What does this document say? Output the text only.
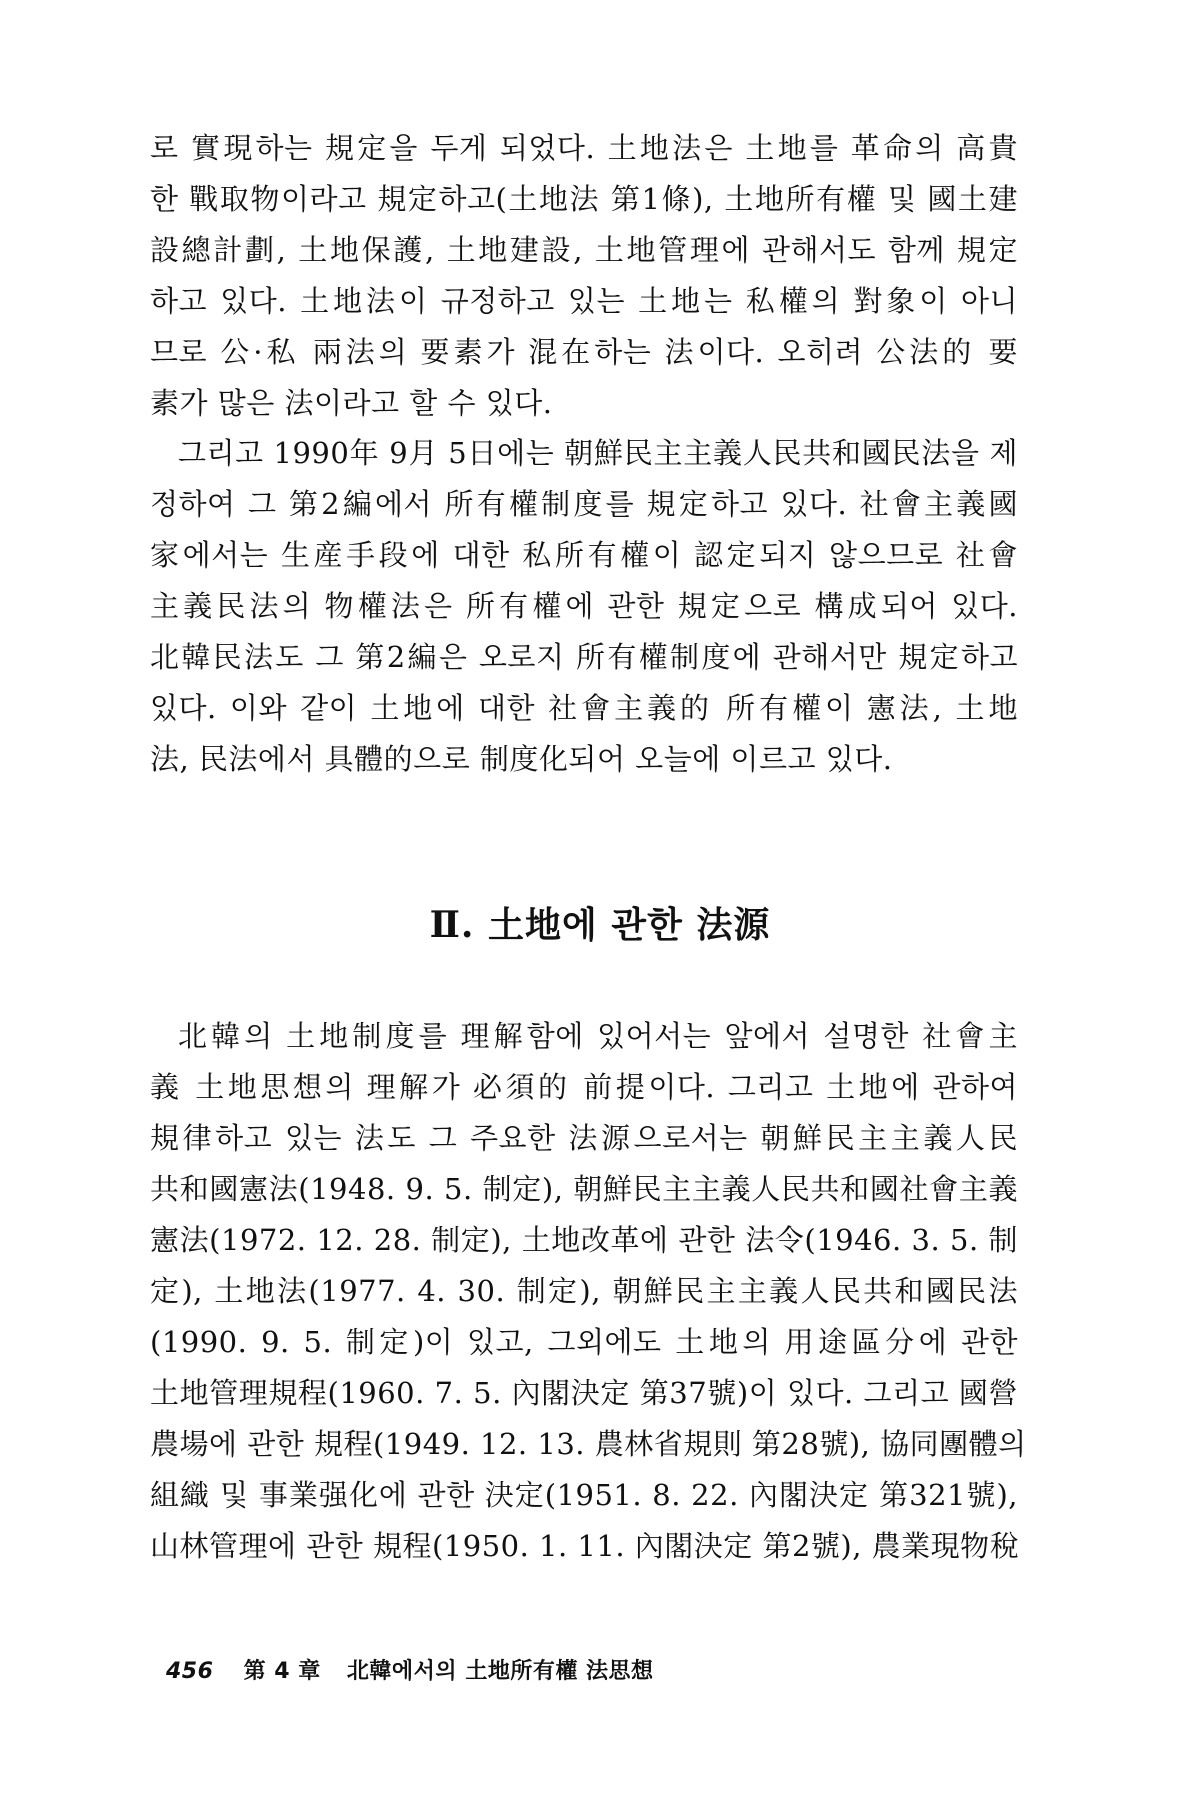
로 實現하는 規定을 두게 되었다. 土地法은 土地를 革命의 高貴
한 戰取物이라고 規定하고(土地法 第1條), 土地所有權 및 國土建
設總計劃, 土地保護, 土地建設, 土地管理에 관해서도 함께 規定
하고 있다. 土地法이 규정하고 있는 土地는 私權의 對象이 아니
므로 公·私 兩法의 要素가 混在하는 法이다. 오히려 公法的 要
素가 많은 法이라고 할 수 있다.
그리고 1990年 9月 5日에는 朝鮮民主主義人民共和國民法을 제
정하여 그 第2編에서 所有權制度를 規定하고 있다. 社會主義國
家에서는 生産手段에 대한 私所有權이 認定되지 않으므로 社會
主義民法의 物權法은 所有權에 관한 規定으로 構成되어 있다.
北韓民法도 그 第2編은 오로지 所有權制度에 관해서만 規定하고
있다. 이와 같이 土地에 대한 社會主義的 所有權이 憲法, 土地
法, 民法에서 具體的으로 制度化되어 오늘에 이르고 있다.
Ⅱ. 土地에 관한 法源
北韓의 土地制度를 理解함에 있어서는 앞에서 설명한 社會主
義 土地思想의 理解가 必須的 前提이다. 그리고 土地에 관하여
規律하고 있는 法도 그 주요한 法源으로서는 朝鮮民主主義人民
共和國憲法(1948. 9. 5. 制定), 朝鮮民主主義人民共和國社會主義
憲法(1972. 12. 28. 制定), 土地改革에 관한 法令(1946. 3. 5. 制
定), 土地法(1977. 4. 30. 制定), 朝鮮民主主義人民共和國民法
(1990. 9. 5. 制定)이 있고, 그외에도 土地의 用途區分에 관한
土地管理規程(1960. 7. 5. 內閣決定 第37號)이 있다. 그리고 國營
農場에 관한 規程(1949. 12. 13. 農林省規則 第28號), 協同團體의
組織 및 事業强化에 관한 決定(1951. 8. 22. 內閣決定 第321號),
山林管理에 관한 規程(1950. 1. 11. 內閣決定 第2號), 農業現物稅
456 第 4 章 北韓에서의 土地所有權 法思想
